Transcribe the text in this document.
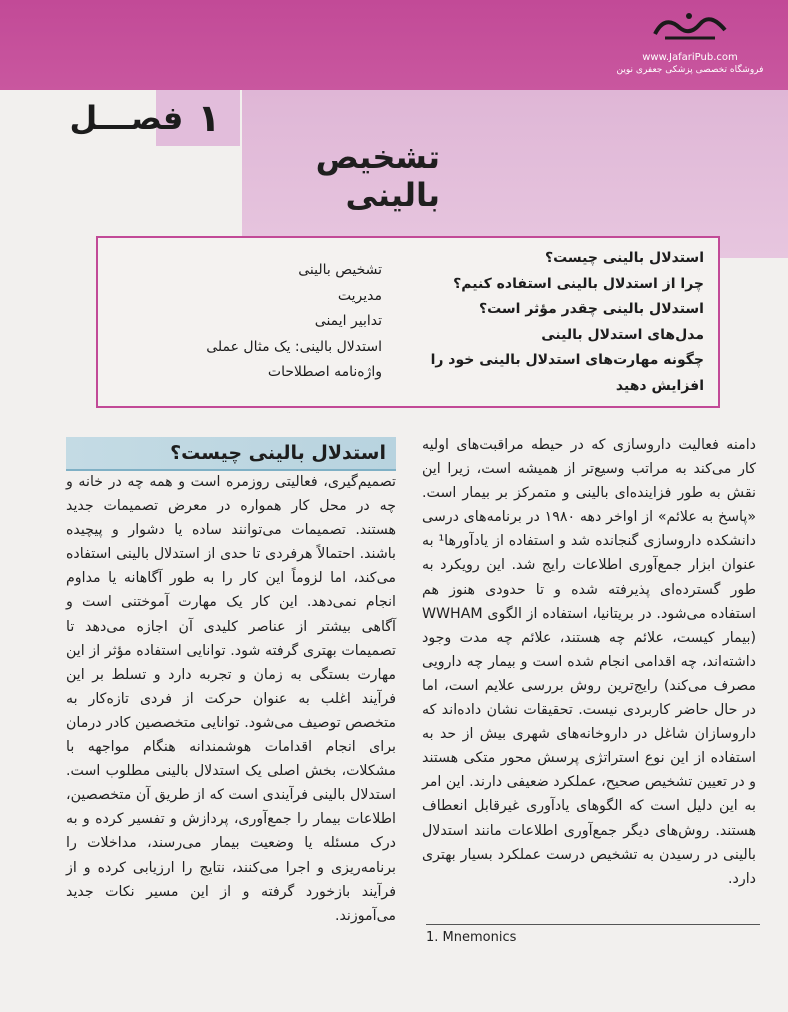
۱
فصـــل
تشخیص بالینی
www.JafariPub.com
فروشگاه تخصصی پزشکی جعفری نوین
استدلال بالینی چیست؟
چرا از استدلال بالینی استفاده کنیم؟
استدلال بالینی چقدر مؤثر است؟
مدل‌های استدلال بالینی
چگونه مهارت‌های استدلال بالینی خود را افزایش دهید
تشخیص بالینی
مدیریت
تدابیر ایمنی
استدلال بالینی: یک مثال عملی
واژه‌نامه اصطلاحات
استدلال بالینی چیست؟	دامنه فعالیت داروسازی که در حیطه مراقبت‌های اولیه کار می‌کند به مراتب وسیع‌تر از همیشه است، زیرا این نقش به طور فزاینده‌ای بالینی و متمرکز بر بیمار است. «پاسخ به علائم» از اواخر دهه ۱۹۸۰ در برنامه‌های درسی دانشکده داروسازی گنجانده شد و استفاده از یادآورها¹ به عنوان ابزار جمع‌آوری اطلاعات رایج شد. این رویکرد به طور گسترده‌ای پذیرفته شده و تا حدودی هنوز هم استفاده می‌شود. در بریتانیا، استفاده از الگوی WWHAM (بیمار کیست، علائم چه هستند، علائم چه مدت وجود داشته‌اند، چه اقدامی انجام شده است و بیمار چه دارویی مصرف می‌کند) رایج‌ترین روش بررسی علایم است، اما در حال حاضر کاربردی نیست. تحقیقات نشان داده‌اند که داروسازان شاغل در داروخانه‌های شهری بیش از حد به استفاده از این نوع استراتژی پرسش محور متکی هستند و در تعیین تشخیص صحیح، عملکرد ضعیفی دارند. این امر به این دلیل است که الگوهای یادآوری غیرقابل انعطاف هستند. روش‌های دیگر جمع‌آوری اطلاعات مانند استدلال بالینی در رسیدن به تشخیص درست عملکرد بسیار بهتری دارد.

تصمیم‌گیری، فعالیتی روزمره است و همه چه در خانه و چه در محل کار همواره در معرض تصمیمات جدید هستند. تصمیمات می‌توانند ساده یا دشوار و پیچیده باشند. احتمالاً هرفردی تا حدی از استدلال بالینی استفاده می‌کند، اما لزوماً این کار را به طور آگاهانه یا مداوم انجام نمی‌دهد. این کار یک مهارت آموختنی است و آگاهی بیشتر از عناصر کلیدی آن اجازه می‌دهد تا تصمیمات بهتری گرفته شود. توانایی استفاده مؤثر از این مهارت بستگی به زمان و تجربه دارد و تسلط بر این فرآیند اغلب به عنوان حرکت از فردی تازه‌کار به متخصص توصیف می‌شود. توانایی متخصصین کادر درمان برای انجام اقدامات هوشمندانه هنگام مواجهه با مشکلات، بخش اصلی یک استدلال بالینی مطلوب است. استدلال بالینی فرآیندی است که از طریق آن متخصصین، اطلاعات بیمار را جمع‌آوری، پردازش و تفسیر کرده و به درک مسئله یا وضعیت بیمار می‌رسند، مداخلات را برنامه‌ریزی و اجرا می‌کنند، نتایج را ارزیابی کرده و از فرآیند بازخورد گرفته و از این مسیر نکات جدید می‌آموزند.

1. Mnemonics
